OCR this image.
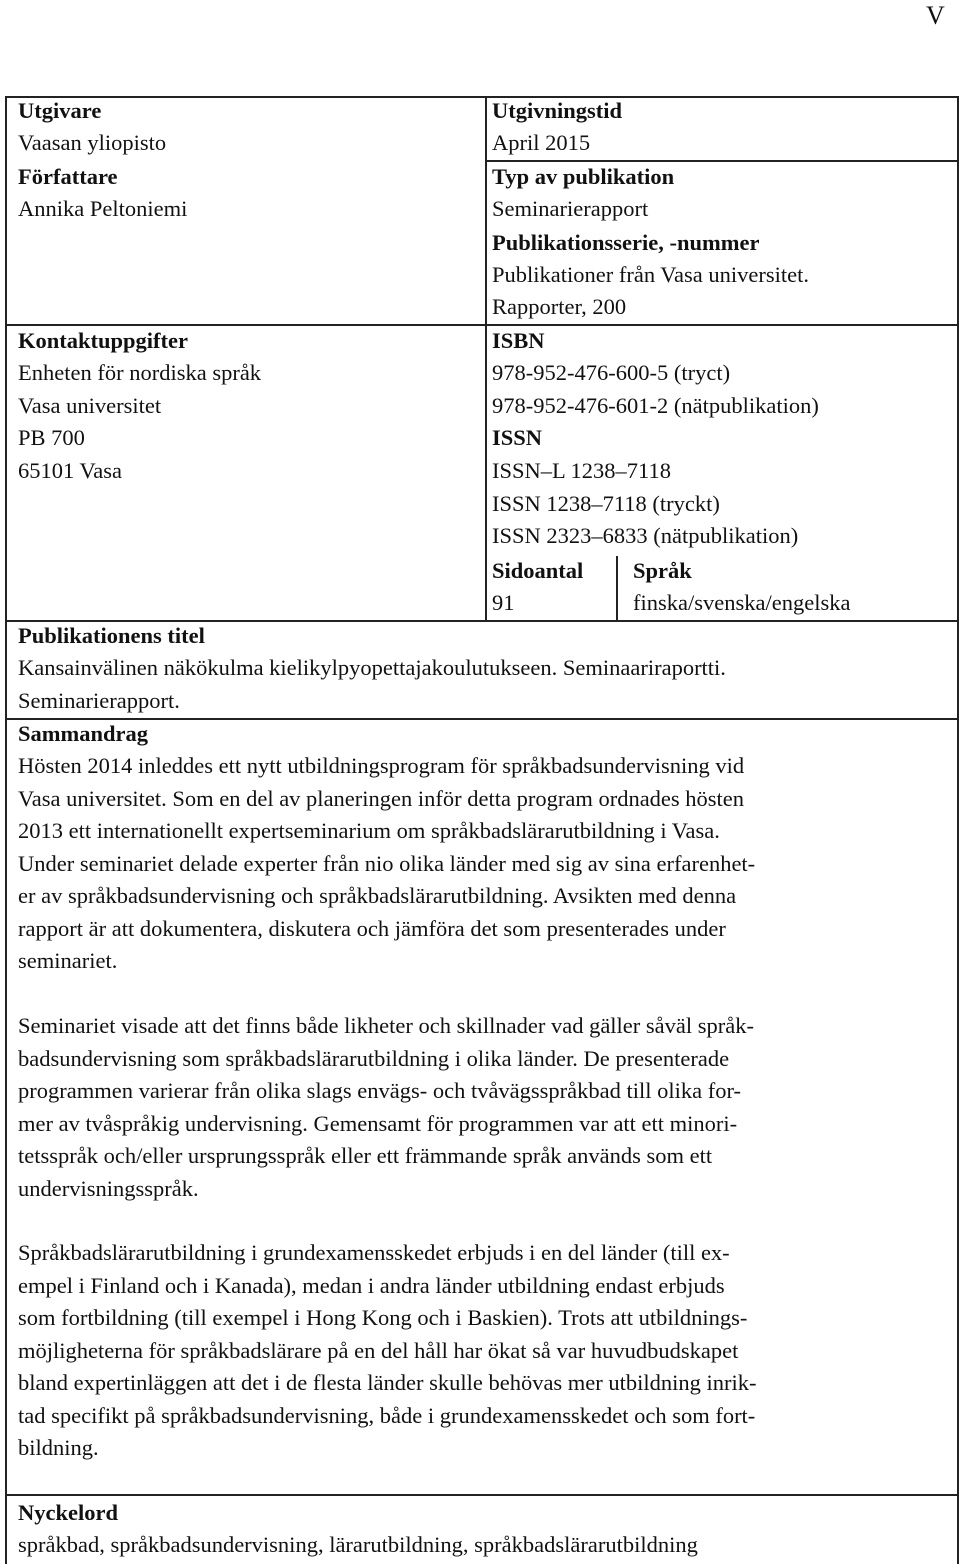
V
Utgivare
Vaasan yliopisto
Författare
Annika Peltoniemi
Kontaktuppgifter
Enheten för nordiska språk
Vasa universitet
PB 700
65101 Vasa
Utgivningstid
April 2015
Typ av publikation
Seminarierapport
Publikationsserie, -nummer
Publikationer från Vasa universitet.
Rapporter, 200
ISBN
978-952-476-600-5 (tryct)
978-952-476-601-2 (nätpublikation)
ISSN
ISSN–L 1238–7118
ISSN 1238–7118 (tryckt)
ISSN 2323–6833 (nätpublikation)
Sidoantal
91
Språk
finska/svenska/engelska
Publikationens titel
Kansainvälinen näkökulma kielikylpyopettajakoulutukseen. Seminaariraportti.
Seminarierapport.
Sammandrag
Hösten 2014 inleddes ett nytt utbildningsprogram för språkbadsundervisning vid
Vasa universitet. Som en del av planeringen inför detta program ordnades hösten
2013 ett internationellt expertseminarium om språkbadslärarutbildning i Vasa.
Under seminariet delade experter från nio olika länder med sig av sina erfarenhet-
er av språkbadsundervisning och språkbadslärarutbildning. Avsikten med denna
rapport är att dokumentera, diskutera och jämföra det som presenterades under
seminariet.
Seminariet visade att det finns både likheter och skillnader vad gäller såväl språk-
badsundervisning som språkbadslärarutbildning i olika länder. De presenterade
programmen varierar från olika slags envägs- och tvåvägsspråkbad till olika for-
mer av tvåspråkig undervisning. Gemensamt för programmen var att ett minori-
tetsspråk och/eller ursprungsspråk eller ett främmande språk används som ett
undervisningsspråk.
Språkbadslärarutbildning i grundexamensskedet erbjuds i en del länder (till ex-
empel i Finland och i Kanada), medan i andra länder utbildning endast erbjuds
som fortbildning (till exempel i Hong Kong och i Baskien). Trots att utbildnings-
möjligheterna för språkbadslärare på en del håll har ökat så var huvudbudskapet
bland expertinläggen att det i de flesta länder skulle behövas mer utbildning inrik-
tad specifikt på språkbadsundervisning, både i grundexamensskedet och som fort-
bildning.
Nyckelord
språkbad, språkbadsundervisning, lärarutbildning, språkbadslärarutbildning
